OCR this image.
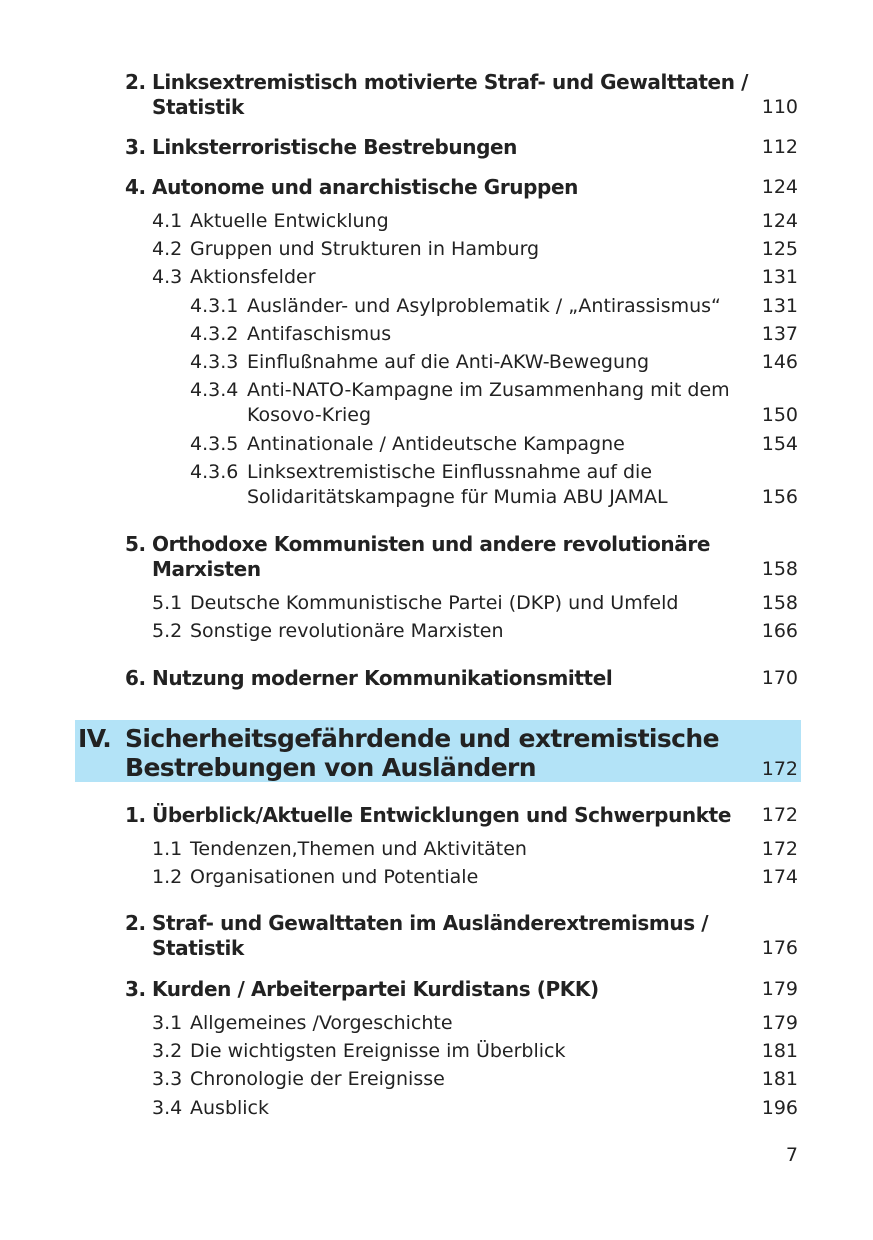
2. Linksextremistisch motivierte Straf- und Gewalttaten /
Statistik	110
3. Linksterroristische Bestrebungen	112
4. Autonome und anarchistische Gruppen	124
4.1 Aktuelle Entwicklung	124
4.2 Gruppen und Strukturen in Hamburg	125
4.3 Aktionsfelder	131
4.3.1 Ausländer- und Asylproblematik / „Antirassismus“ 131
4.3.2 Antifaschismus	137
4.3.3 Einflußnahme auf die Anti-AKW-Bewegung	146
4.3.4 Anti-NATO-Kampagne im Zusammenhang mit dem
Kosovo-Krieg	150
4.3.5 Antinationale / Antideutsche Kampagne	154
4.3.6 Linksextremistische Einflussnahme auf die
Solidaritätskampagne für Mumia ABU JAMAL	156
5. Orthodoxe Kommunisten und andere revolutionäre
Marxisten	158
5.1 Deutsche Kommunistische Partei (DKP) und Umfeld	158
5.2 Sonstige revolutionäre Marxisten	166
6. Nutzung moderner Kommunikationsmittel	170
IV. Sicherheitsgefährdende und extremistische
Bestrebungen von Ausländern	172
1. Überblick/Aktuelle Entwicklungen und Schwerpunkte 172
1.1 Tendenzen,Themen und Aktivitäten	172
1.2 Organisationen und Potentiale	174
2. Straf- und Gewalttaten im Ausländerextremismus /
Statistik	176
3. Kurden / Arbeiterpartei Kurdistans (PKK)	179
3.1 Allgemeines /Vorgeschichte	179
3.2 Die wichtigsten Ereignisse im Überblick	181
3.3 Chronologie der Ereignisse	181
3.4 Ausblick	196
7
